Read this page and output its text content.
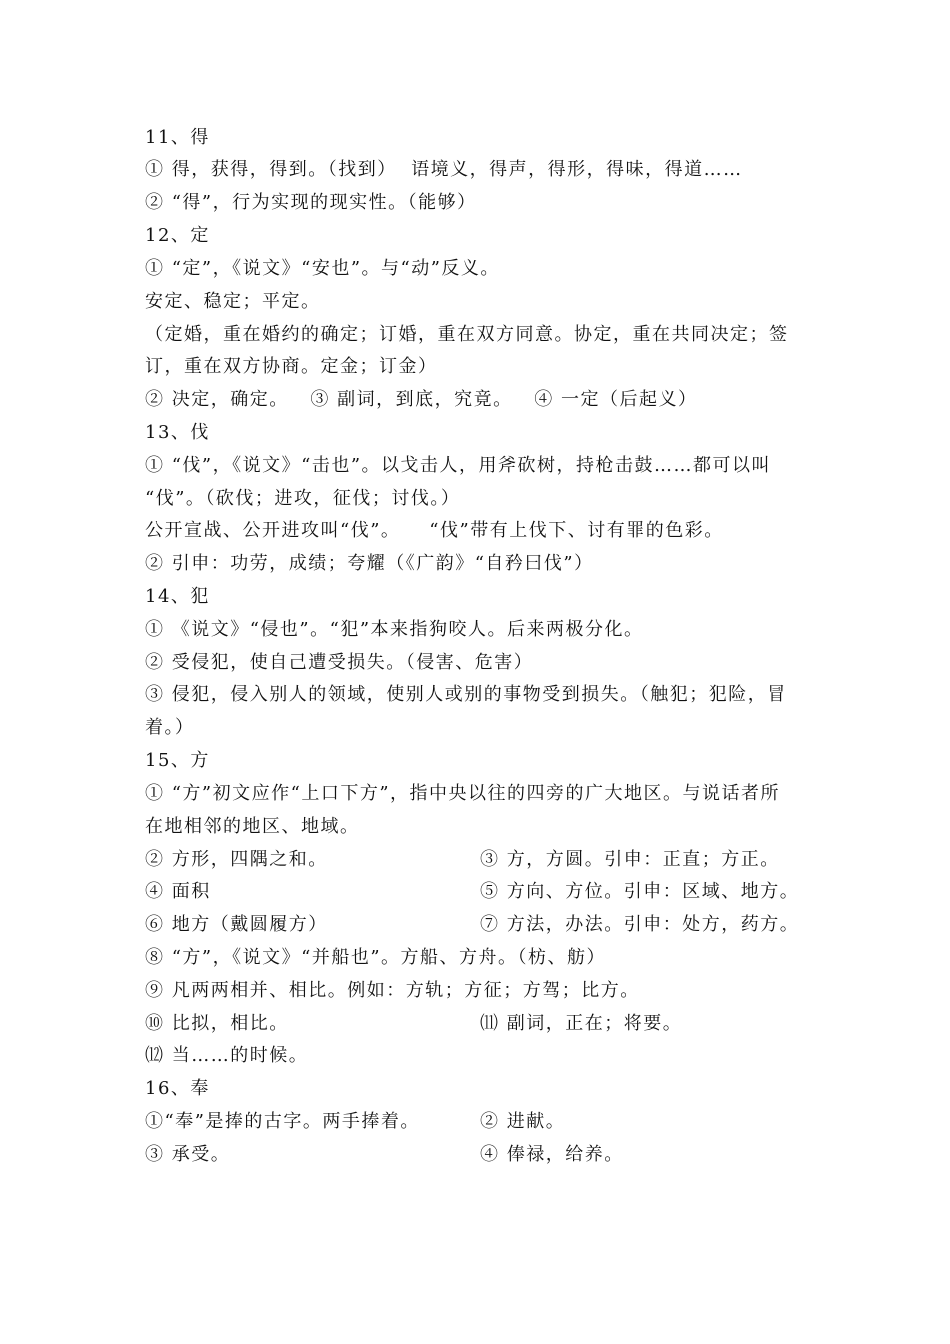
11、得
① 得，获得，得到。（找到）  语境义，得声，得形，得味，得道……
② “得”，行为实现的现实性。（能够）
12、定
① “定”，《说文》“安也”。与“动”反义。
安定、稳定；平定。
（定婚，重在婚约的确定；订婚，重在双方同意。协定，重在共同决定；签
订，重在双方协商。定金；订金）
② 决定，确定。   ③ 副词，到底，究竟。   ④ 一定（后起义）
13、伐
① “伐”，《说文》“击也”。以戈击人，用斧砍树，持枪击鼓……都可以叫
“伐”。（砍伐；进攻，征伐；讨伐。）
公开宣战、公开进攻叫“伐”。    “伐”带有上伐下、讨有罪的色彩。
② 引申：功劳，成绩；夸耀（《广韵》“自矜曰伐”）
14、犯
① 《说文》“侵也”。“犯”本来指狗咬人。后来两极分化。
② 受侵犯，使自己遭受损失。（侵害、危害）
③ 侵犯，侵入别人的领域，使别人或别的事物受到损失。（触犯；犯险，冒
着。）
15、方
① “方”初文应作“上口下方”，指中央以往的四旁的广大地区。与说话者所
在地相邻的地区、地域。
② 方形，四隅之和。	③ 方，方圆。引申：正直；方正。
④ 面积	⑤ 方向、方位。引申：区域、地方。
⑥ 地方（戴圆履方）	⑦ 方法，办法。引申：处方，药方。
⑧ “方”，《说文》“并船也”。方船、方舟。（枋、舫）
⑨ 凡两两相并、相比。例如：方轨；方征；方驾；比方。
⑩ 比拟，相比。	⑾ 副词，正在；将要。
⑿ 当……的时候。
16、奉
①“奉”是捧的古字。两手捧着。	② 进献。
③ 承受。	④ 俸禄，给养。
